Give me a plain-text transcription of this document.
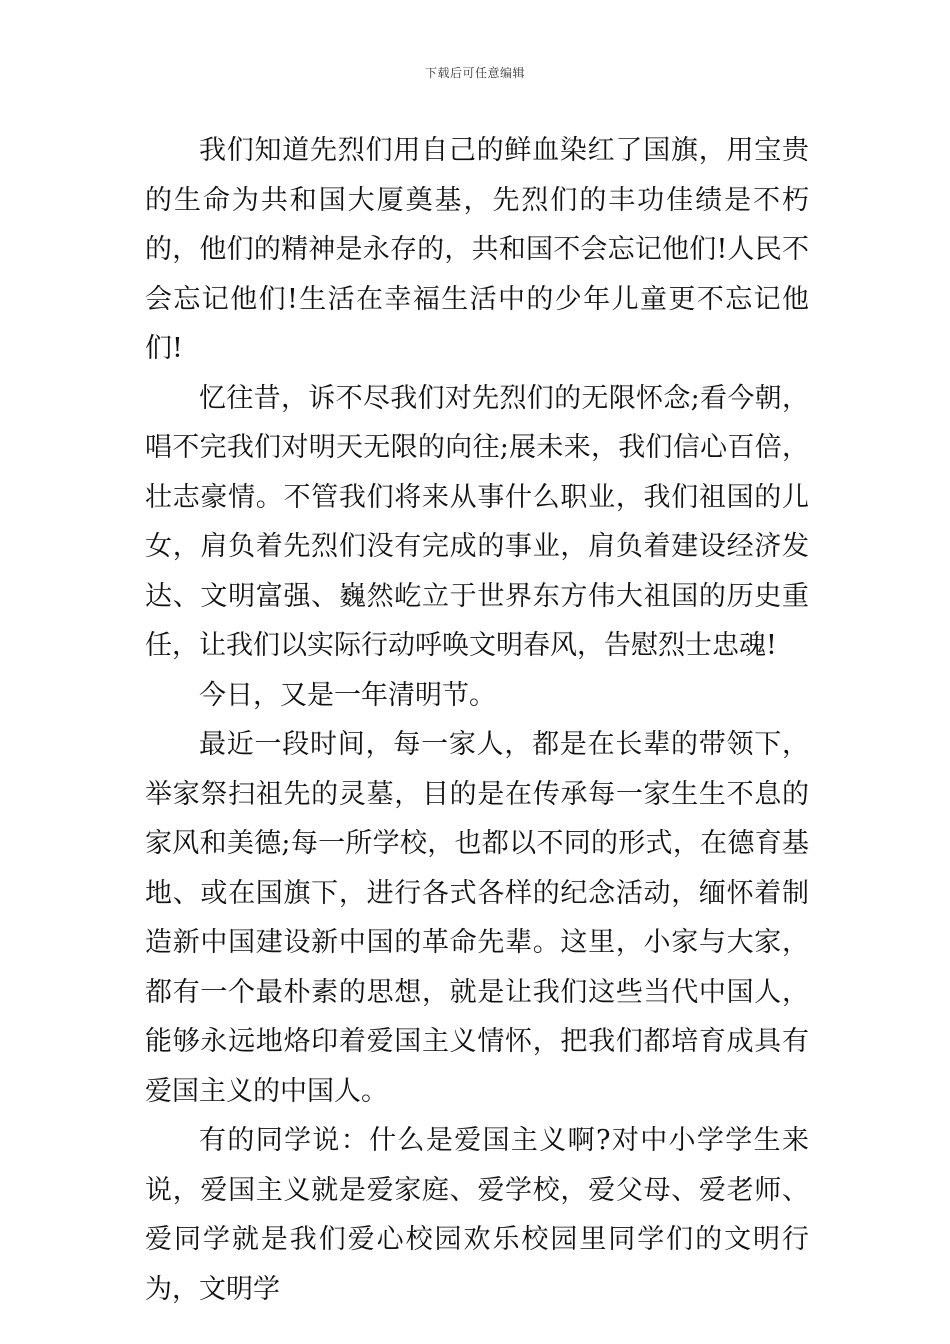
下载后可任意编辑

我们知道先烈们用自己的鲜血染红了国旗，用宝贵的生命为共和国大厦奠基，先烈们的丰功佳绩是不朽的，他们的精神是永存的，共和国不会忘记他们!人民不会忘记他们!生活在幸福生活中的少年儿童更不忘记他们!

忆往昔，诉不尽我们对先烈们的无限怀念;看今朝，唱不完我们对明天无限的向往;展未来，我们信心百倍，壮志豪情。不管我们将来从事什么职业，我们祖国的儿女，肩负着先烈们没有完成的事业，肩负着建设经济发达、文明富强、巍然屹立于世界东方伟大祖国的历史重任，让我们以实际行动呼唤文明春风，告慰烈士忠魂!

今日，又是一年清明节。

最近一段时间，每一家人，都是在长辈的带领下，举家祭扫祖先的灵墓，目的是在传承每一家生生不息的家风和美德;每一所学校，也都以不同的形式，在德育基地、或在国旗下，进行各式各样的纪念活动，缅怀着制造新中国建设新中国的革命先辈。这里，小家与大家，都有一个最朴素的思想，就是让我们这些当代中国人，能够永远地烙印着爱国主义情怀，把我们都培育成具有爱国主义的中国人。

有的同学说：什么是爱国主义啊?对中小学学生来说，爱国主义就是爱家庭、爱学校，爱父母、爱老师、爱同学就是我们爱心校园欢乐校园里同学们的文明行为，文明学
